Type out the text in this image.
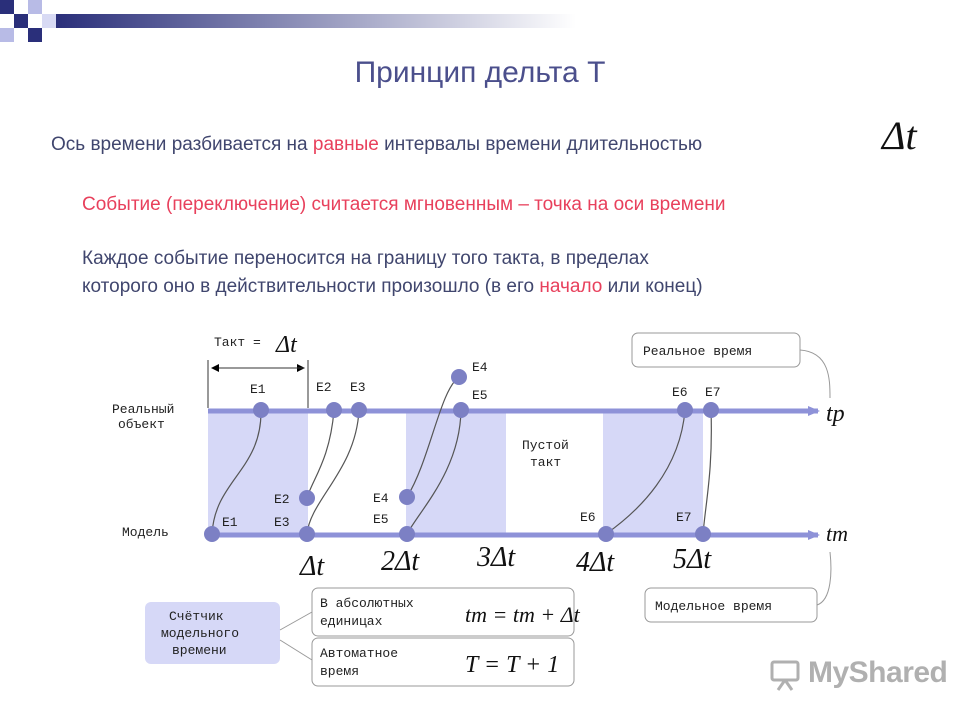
Принцип дельта T
Ось времени разбивается на равные интервалы времени длительностью	Δt
Событие (переключение) считается мгновенным – точка на оси времени
Каждое событие переносится на границу того такта, в пределах
которого оно в действительности произошло (в его начало или конец)
Такт = Δt
Реальный
объект
Модель
E1	E2 E3
E4
E5	E6 E7
E1
E2
E3
E4
E5	E6	E7
Пустой
такт
tр
tm
Δt 2Δt 3Δt 4Δt 5Δt
Реальное время
Модельное время
Счётчик
модельного
времени
В абсолютных
единицах	tm = tm + Δt
Автоматное
время	T = T + 1	MyShared
